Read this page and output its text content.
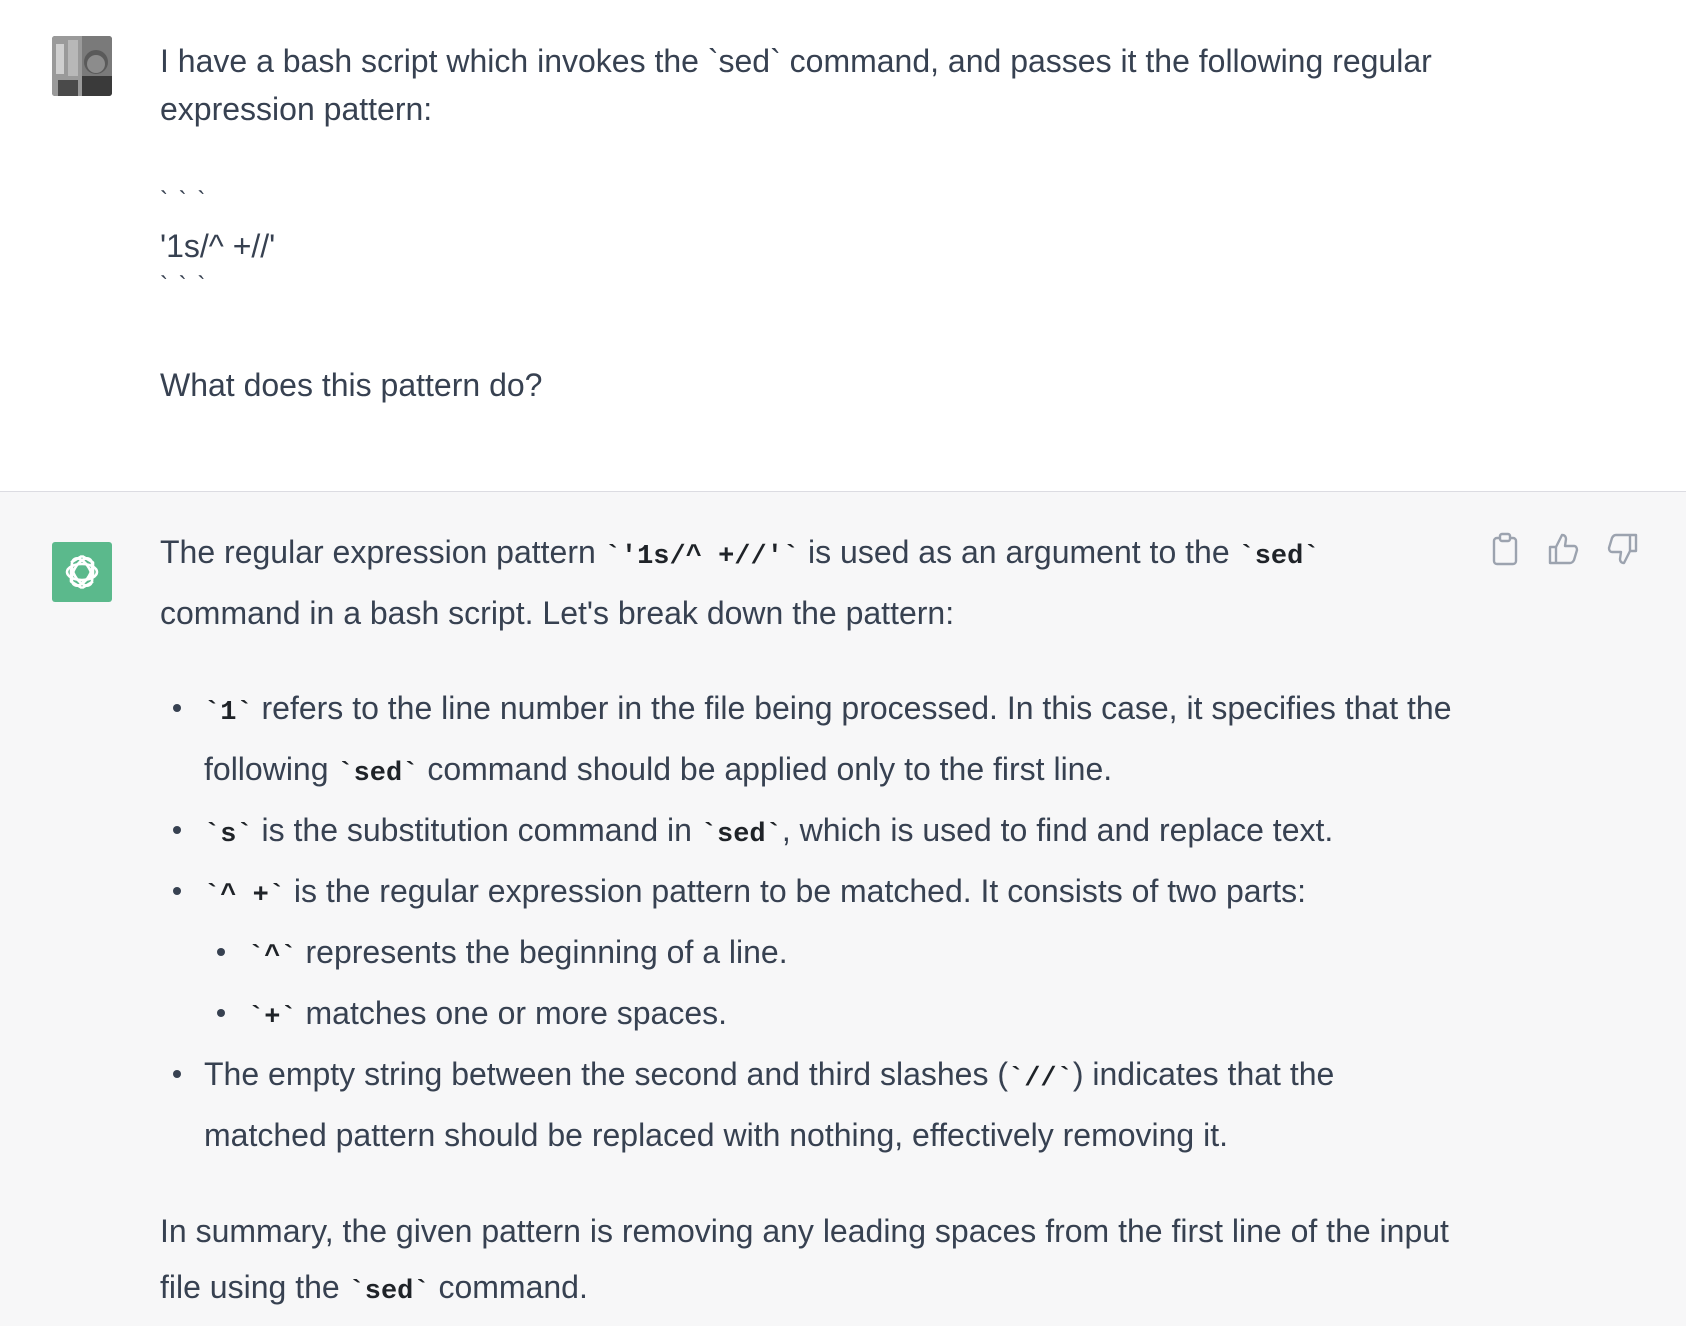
I have a bash script which invokes the `sed` command, and passes it the following regular

expression pattern:

` ` `

'1s/^ +//'

` ` `

What does this pattern do?

The regular expression pattern `'1s/^ +//'` is used as an argument to the `sed`

command in a bash script. Let's break down the pattern:

`1` refers to the line number in the file being processed. In this case, it specifies that the
following `sed` command should be applied only to the first line.
`s` is the substitution command in `sed`, which is used to find and replace text.
`^ +` is the regular expression pattern to be matched. It consists of two parts:
`^` represents the beginning of a line.
`+` matches one or more spaces.
The empty string between the second and third slashes (`//`) indicates that the
matched pattern should be replaced with nothing, effectively removing it.

In summary, the given pattern is removing any leading spaces from the first line of the input

file using the `sed` command.
